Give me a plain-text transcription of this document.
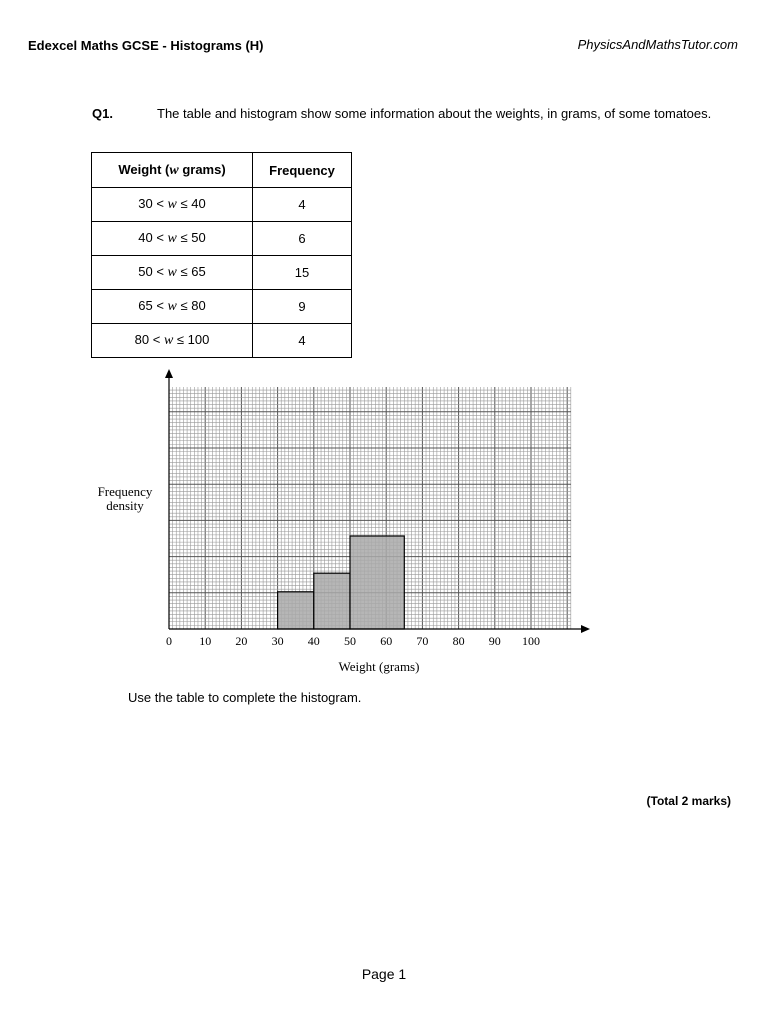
Edexcel Maths GCSE - Histograms (H)	PhysicsAndMathsTutor.com
Q1.	The table and histogram show some information about the weights, in grams, of some tomatoes.
Weight (w grams)	Frequency
30 < w ≤ 40	4
40 < w ≤ 50	6
50 < w ≤ 65	15
65 < w ≤ 80	9
80 < w ≤ 100	4
0 10 20 30 40 50 60 70 80 90 100
Weight (grams)
Frequency
density
Use the table to complete the histogram.
(Total 2 marks)
Page 1
